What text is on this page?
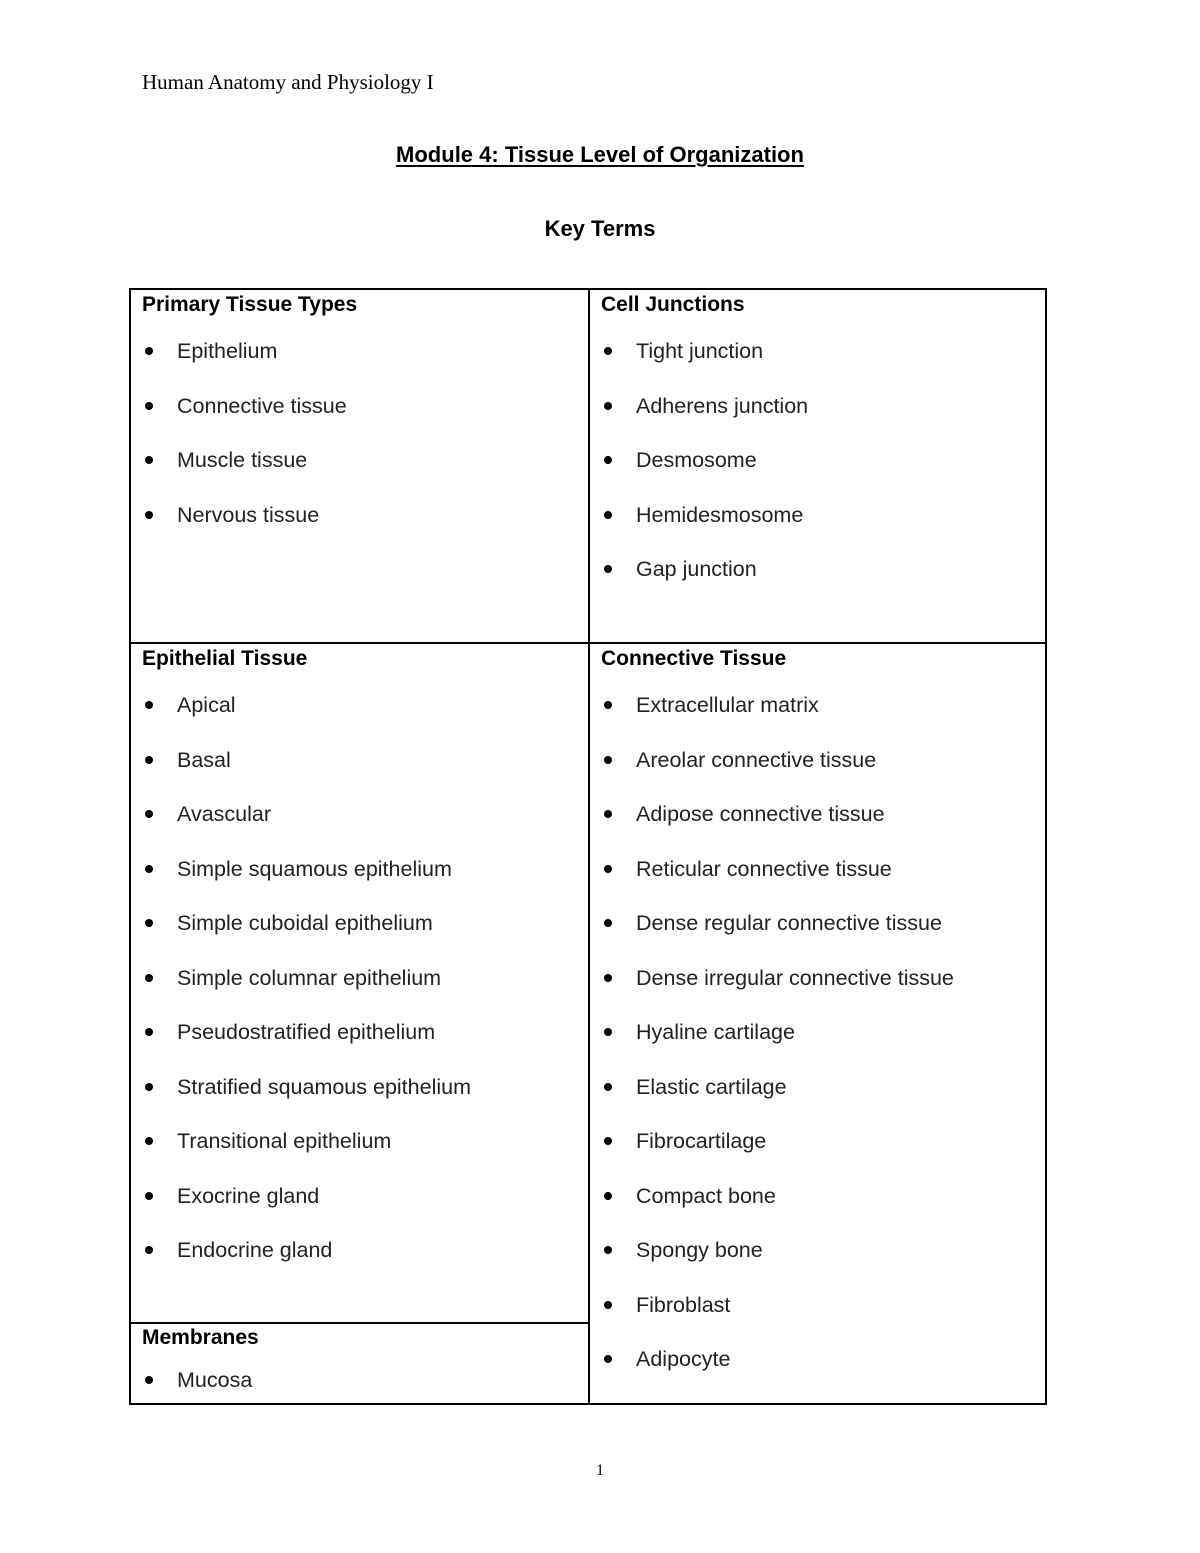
Human Anatomy and Physiology I
Module 4: Tissue Level of Organization
Key Terms
Primary Tissue Types
Epithelium
Connective tissue
Muscle tissue
Nervous tissue
Cell Junctions
Tight junction
Adherens junction
Desmosome
Hemidesmosome
Gap junction
Epithelial Tissue
Apical
Basal
Avascular
Simple squamous epithelium
Simple cuboidal epithelium
Simple columnar epithelium
Pseudostratified epithelium
Stratified squamous epithelium
Transitional epithelium
Exocrine gland
Endocrine gland
Connective Tissue
Extracellular matrix
Areolar connective tissue
Adipose connective tissue
Reticular connective tissue
Dense regular connective tissue
Dense irregular connective tissue
Hyaline cartilage
Elastic cartilage
Fibrocartilage
Compact bone
Spongy bone
Fibroblast
Adipocyte
Membranes
Mucosa
1
